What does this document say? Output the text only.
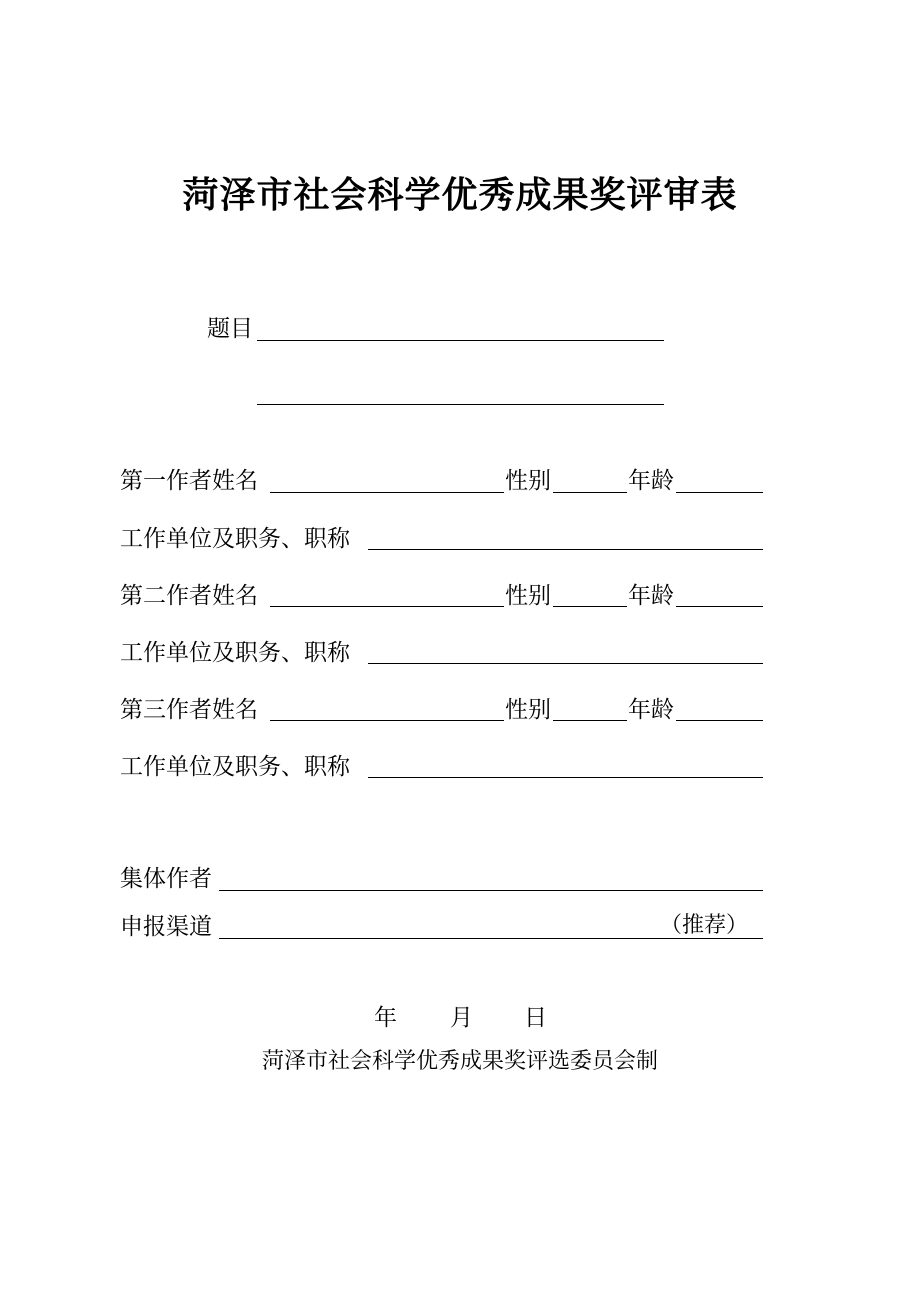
菏泽市社会科学优秀成果奖评审表
题目
第一作者姓名	性别	年龄
工作单位及职务、职称
第二作者姓名	性别	年龄
工作单位及职务、职称
第三作者姓名	性别	年龄
工作单位及职务、职称
集体作者
申报渠道	（推荐）
年 月 日
菏泽市社会科学优秀成果奖评选委员会制
